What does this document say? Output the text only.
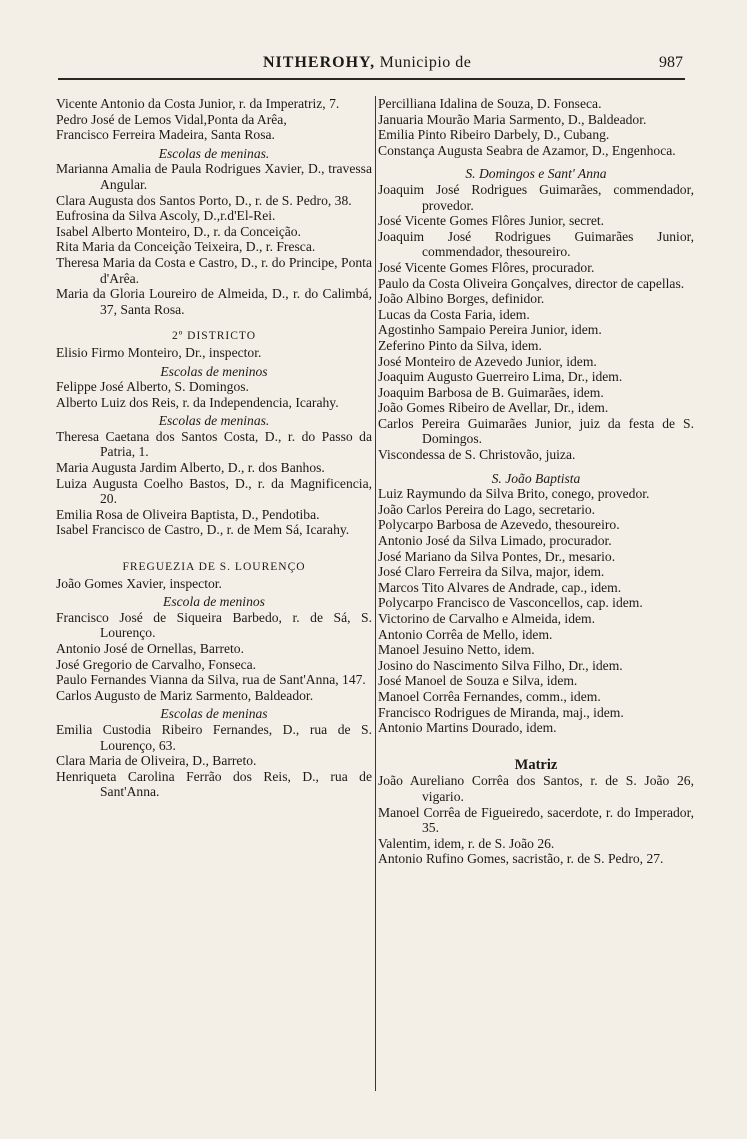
NITHEROHY, Municipio de	987

Vicente Antonio da Costa Junior, r. da Imperatriz, 7.

Pedro José de Lemos Vidal,Ponta da Arêa,

Francisco Ferreira Madeira, Santa Rosa.

Escolas de meninas.

Marianna Amalia de Paula Rodrigues Xavier, D., travessa Angular.

Clara Augusta dos Santos Porto, D., r. de S. Pedro, 38.

Eufrosina da Silva Ascoly, D.,r.d'El-Rei.

Isabel Alberto Monteiro, D., r. da Conceição.

Rita Maria da Conceição Teixeira, D., r. Fresca.

Theresa Maria da Costa e Castro, D., r. do Principe, Ponta d'Arêa.

Maria da Gloria Loureiro de Almeida, D., r. do Calimbá, 37, Santa Rosa.

2º DISTRICTO

Elisio Firmo Monteiro, Dr., inspector.

Escolas de meninos

Felippe José Alberto, S. Domingos.

Alberto Luiz dos Reis, r. da Independencia, Icarahy.

Escolas de meninas.

Theresa Caetana dos Santos Costa, D., r. do Passo da Patria, 1.

Maria Augusta Jardim Alberto, D., r. dos Banhos.

Luiza Augusta Coelho Bastos, D., r. da Magnificencia, 20.

Emilia Rosa de Oliveira Baptista, D., Pendotiba.

Isabel Francisco de Castro, D., r. de Mem Sá, Icarahy.

FREGUEZIA DE S. LOURENÇO

João Gomes Xavier, inspector.

Escola de meninos

Francisco José de Siqueira Barbedo, r. de Sá, S. Lourenço.

Antonio José de Ornellas, Barreto.

José Gregorio de Carvalho, Fonseca.

Paulo Fernandes Vianna da Silva, rua de Sant'Anna, 147.

Carlos Augusto de Mariz Sarmento, Baldeador.

Escolas de meninas

Emilia Custodia Ribeiro Fernandes, D., rua de S. Lourenço, 63.

Clara Maria de Oliveira, D., Barreto.

Henriqueta Carolina Ferrão dos Reis, D., rua de Sant'Anna.

Percilliana Idalina de Souza, D. Fonseca.

Januaria Mourão Maria Sarmento, D., Baldeador.

Emilia Pinto Ribeiro Darbely, D., Cubang.

Constança Augusta Seabra de Azamor, D., Engenhoca.

S. Domingos e Sant' Anna

Joaquim José Rodrigues Guimarães, commendador, provedor.

José Vicente Gomes Flôres Junior, secret.

Joaquim José Rodrigues Guimarães Junior, commendador, thesoureiro.

José Vicente Gomes Flôres, procurador.

Paulo da Costa Oliveira Gonçalves, director de capellas.

João Albino Borges, definidor.

Lucas da Costa Faria, idem.

Agostinho Sampaio Pereira Junior, idem.

Zeferino Pinto da Silva, idem.

José Monteiro de Azevedo Junior, idem.

Joaquim Augusto Guerreiro Lima, Dr., idem.

Joaquim Barbosa de B. Guimarães, idem.

João Gomes Ribeiro de Avellar, Dr., idem.

Carlos Pereira Guimarães Junior, juiz da festa de S. Domingos.

Viscondessa de S. Christovão, juiza.

S. João Baptista

Luiz Raymundo da Silva Brito, conego, provedor.

João Carlos Pereira do Lago, secretario.

Polycarpo Barbosa de Azevedo, thesoureiro.

Antonio José da Silva Limado, procurador.

José Mariano da Silva Pontes, Dr., mesario.

José Claro Ferreira da Silva, major, idem.

Marcos Tito Alvares de Andrade, cap., idem.

Polycarpo Francisco de Vasconcellos, cap. idem.

Victorino de Carvalho e Almeida, idem.

Antonio Corrêa de Mello, idem.

Manoel Jesuino Netto, idem.

Josino do Nascimento Silva Filho, Dr., idem.

José Manoel de Souza e Silva, idem.

Manoel Corrêa Fernandes, comm., idem.

Francisco Rodrigues de Miranda, maj., idem.

Antonio Martins Dourado, idem.

Matriz

João Aureliano Corrêa dos Santos, r. de S. João 26, vigario.

Manoel Corrêa de Figueiredo, sacerdote, r. do Imperador, 35.

Valentim, idem, r. de S. João 26.

Antonio Rufino Gomes, sacristão, r. de S. Pedro, 27.
